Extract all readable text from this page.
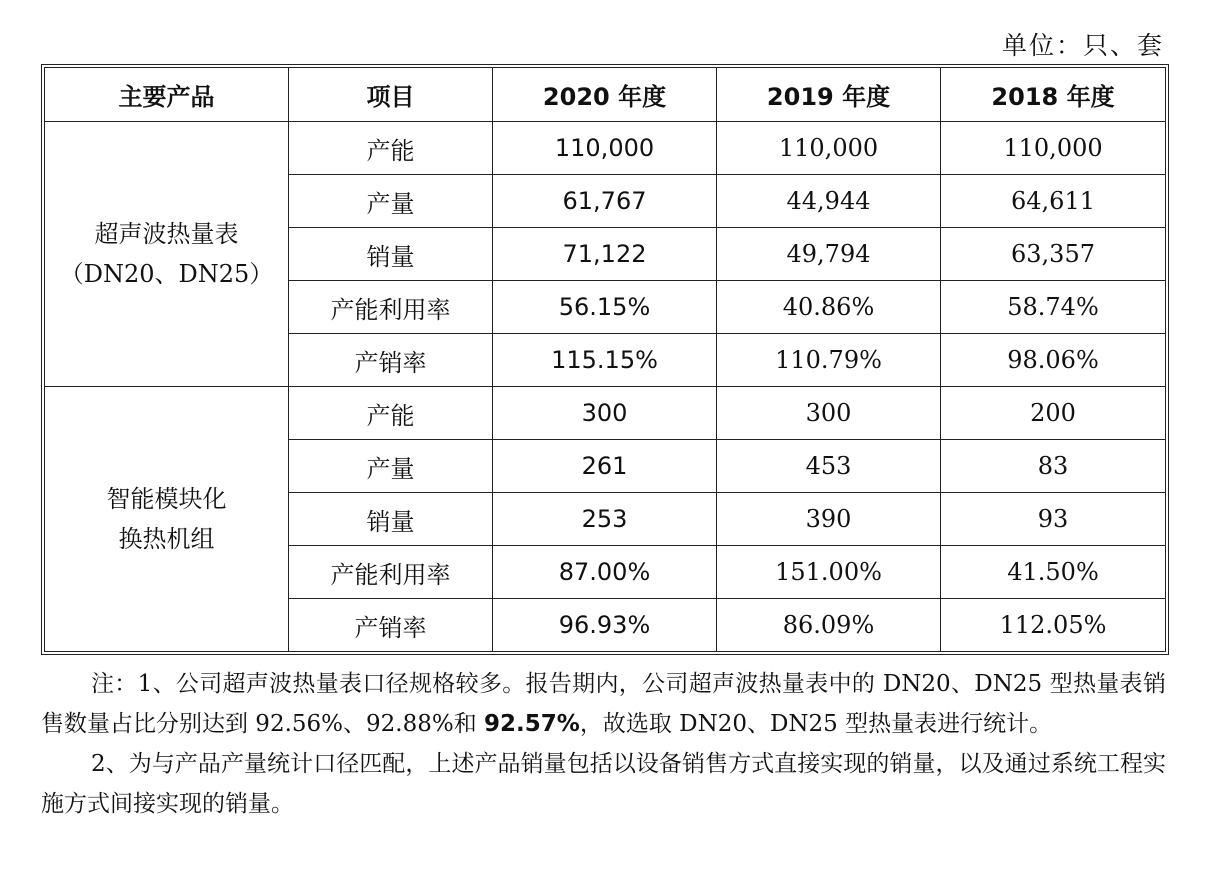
单位：只、套
主要产品	项目	2020 年度	2019 年度	2018 年度

超声波热量表
（DN20、DN25）	产能	110,000	110,000	110,000
	产量	61,767	44,944	64,611
	销量	71,122	49,794	63,357
	产能利用率	56.15%	40.86%	58.74%
	产销率	115.15%	110.79%	98.06%

智能模块化
换热机组	产能	300	300	200
	产量	261	453	83
	销量	253	390	93
	产能利用率	87.00%	151.00%	41.50%
	产销率	96.93%	86.09%	112.05%

注：1、公司超声波热量表口径规格较多。报告期内，公司超声波热量表中的 DN20、DN25 型热量表销售数量占比分别达到 92.56%、92.88%和 92.57%，故选取 DN20、DN25 型热量表进行统计。

2、为与产品产量统计口径匹配，上述产品销量包括以设备销售方式直接实现的销量，以及通过系统工程实施方式间接实现的销量。
